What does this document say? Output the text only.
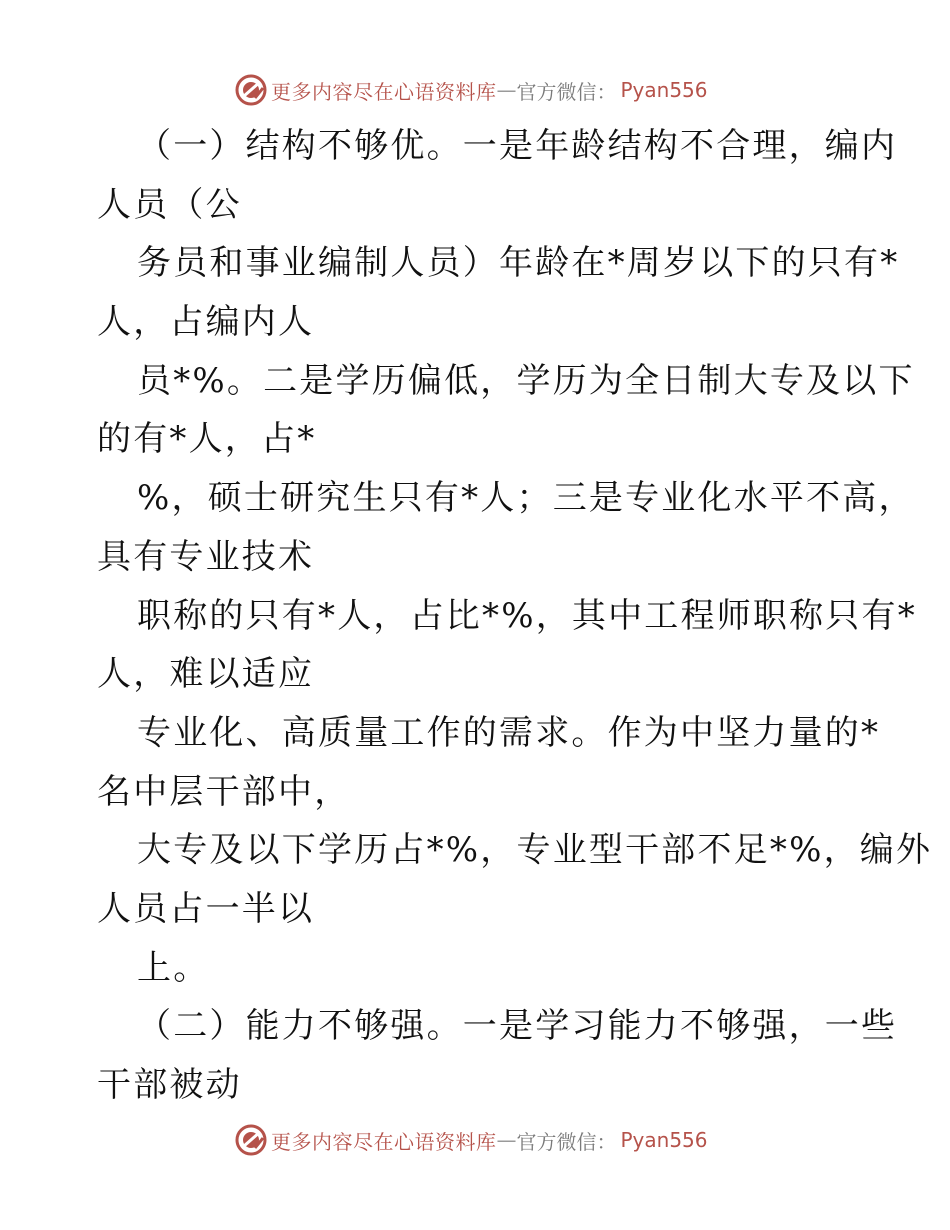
更多内容尽在心语资料库 — 官方微信： Pyan556
（一）结构不够优。一是年龄结构不合理，编内
人员（公
务员和事业编制人员）年龄在*周岁以下的只有*
人，占编内人
员*%。二是学历偏低，学历为全日制大专及以下
的有*人，占*
%，硕士研究生只有*人；三是专业化水平不高，
具有专业技术
职称的只有*人，占比*%，其中工程师职称只有*
人，难以适应
专业化、高质量工作的需求。作为中坚力量的*
名中层干部中，
大专及以下学历占*%，专业型干部不足*%，编外
人员占一半以
上。
（二）能力不够强。一是学习能力不够强，一些
干部被动
更多内容尽在心语资料库 — 官方微信： Pyan556
